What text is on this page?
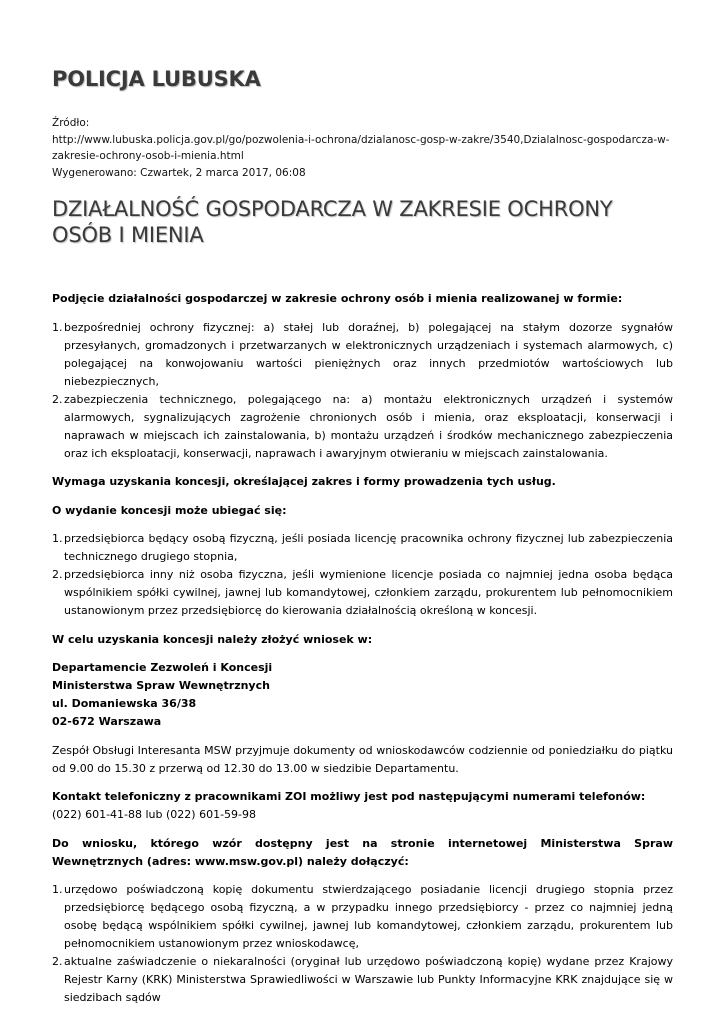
POLICJA LUBUSKA
Źródło:
http://www.lubuska.policja.gov.pl/go/pozwolenia-i-ochrona/dzialanosc-gosp-w-zakre/3540,Dzialalnosc-gospodarcza-w-zakresie-ochrony-osob-i-mienia.html
Wygenerowano: Czwartek, 2 marca 2017, 06:08
DZIAŁALNOŚĆ GOSPODARCZA W ZAKRESIE OCHRONY OSÓB I MIENIA

Podjęcie działalności gospodarczej w zakresie ochrony osób i mienia realizowanej w formie:

1. bezpośredniej ochrony fizycznej: a) stałej lub doraźnej, b) polegającej na stałym dozorze sygnałów przesyłanych, gromadzonych i przetwarzanych w elektronicznych urządzeniach i systemach alarmowych, c) polegającej na konwojowaniu wartości pieniężnych oraz innych przedmiotów wartościowych lub niebezpiecznych,
2. zabezpieczenia technicznego, polegającego na: a) montażu elektronicznych urządzeń i systemów alarmowych, sygnalizujących zagrożenie chronionych osób i mienia, oraz eksploatacji, konserwacji i naprawach w miejscach ich zainstalowania, b) montażu urządzeń i środków mechanicznego zabezpieczenia oraz ich eksploatacji, konserwacji, naprawach i awaryjnym otwieraniu w miejscach zainstalowania.

Wymaga uzyskania koncesji, określającej zakres i formy prowadzenia tych usług.

O wydanie koncesji może ubiegać się:

1. przedsiębiorca będący osobą fizyczną, jeśli posiada licencję pracownika ochrony fizycznej lub zabezpieczenia technicznego drugiego stopnia,
2. przedsiębiorca inny niż osoba fizyczna, jeśli wymienione licencje posiada co najmniej jedna osoba będąca wspólnikiem spółki cywilnej, jawnej lub komandytowej, członkiem zarządu, prokurentem lub pełnomocnikiem ustanowionym przez przedsiębiorcę do kierowania działalnością określoną w koncesji.

W celu uzyskania koncesji należy złożyć wniosek w:

Departamencie Zezwoleń i Koncesji
Ministerstwa Spraw Wewnętrznych
ul. Domaniewska 36/38
02-672 Warszawa

Zespół Obsługi Interesanta MSW przyjmuje dokumenty od wnioskodawców codziennie od poniedziałku do piątku od 9.00 do 15.30 z przerwą od 12.30 do 13.00 w siedzibie Departamentu.

Kontakt telefoniczny z pracownikami ZOI możliwy jest pod następującymi numerami telefonów:
(022) 601-41-88 lub (022) 601-59-98

Do wniosku, którego wzór dostępny jest na stronie internetowej Ministerstwa Spraw Wewnętrznych (adres: www.msw.gov.pl) należy dołączyć:

1. urzędowo poświadczoną kopię dokumentu stwierdzającego posiadanie licencji drugiego stopnia przez przedsiębiorcę będącego osobą fizyczną, a w przypadku innego przedsiębiorcy - przez co najmniej jedną osobę będącą wspólnikiem spółki cywilnej, jawnej lub komandytowej, członkiem zarządu, prokurentem lub pełnomocnikiem ustanowionym przez wnioskodawcę,
2. aktualne zaświadczenie o niekaralności (oryginał lub urzędowo poświadczoną kopię) wydane przez Krajowy Rejestr Karny (KRK) Ministerstwa Sprawiedliwości w Warszawie lub Punkty Informacyjne KRK znajdujące się w siedzibach sądów
